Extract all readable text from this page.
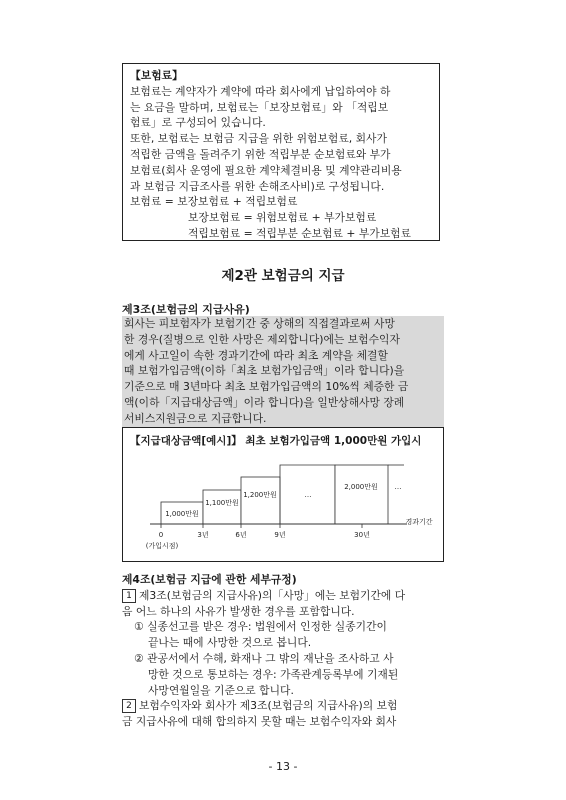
【보험료】
보험료는 계약자가 계약에 따라 회사에게 납입하여야 하
는 요금을 말하며, 보험료는「보장보험료」와 「적립보
험료」로 구성되어 있습니다.
또한, 보험료는 보험금 지급을 위한 위험보험료, 회사가
적립한 금액을 돌려주기 위한 적립부분 순보험료와 부가
보험료(회사 운영에 필요한 계약체결비용 및 계약관리비용
과 보험금 지급조사를 위한 손해조사비)로 구성됩니다.
보험료 = 보장보험료 + 적립보험료
보장보험료 = 위험보험료 + 부가보험료
적립보험료 = 적립부분 순보험료 + 부가보험료
제2관 보험금의 지급
제3조(보험금의 지급사유)
회사는 피보험자가 보험기간 중 상해의 직접결과로써 사망
한 경우(질병으로 인한 사망은 제외합니다)에는 보험수익자
에게 사고일이 속한 경과기간에 따라 최초 계약을 체결할
때 보험가입금액(이하「최초 보험가입금액」이라 합니다)을
기준으로 매 3년마다 최초 보험가입금액의 10%씩 체증한 금
액(이하「지급대상금액」이라 합니다)을 일반상해사망 장례
서비스지원금으로 지급합니다.
【지급대상금액[예시]】 최초 보험가입금액 1,000만원 가입시
1,000만원
1,100만원
1,200만원	…
2,000만원 …
0	3년	6년	9년	30년
(가입시점)
경과기간
제4조(보험금 지급에 관한 세부규정)
1 제3조(보험금의 지급사유)의「사망」에는 보험기간에 다
음 어느 하나의 사유가 발생한 경우를 포함합니다.
① 실종선고를 받은 경우: 법원에서 인정한 실종기간이
끝나는 때에 사망한 것으로 봅니다.
② 관공서에서 수해, 화재나 그 밖의 재난을 조사하고 사
망한 것으로 통보하는 경우: 가족관계등록부에 기재된
사망연월일을 기준으로 합니다.
2 보험수익자와 회사가 제3조(보험금의 지급사유)의 보험
금 지급사유에 대해 합의하지 못할 때는 보험수익자와 회사
- 13 -
